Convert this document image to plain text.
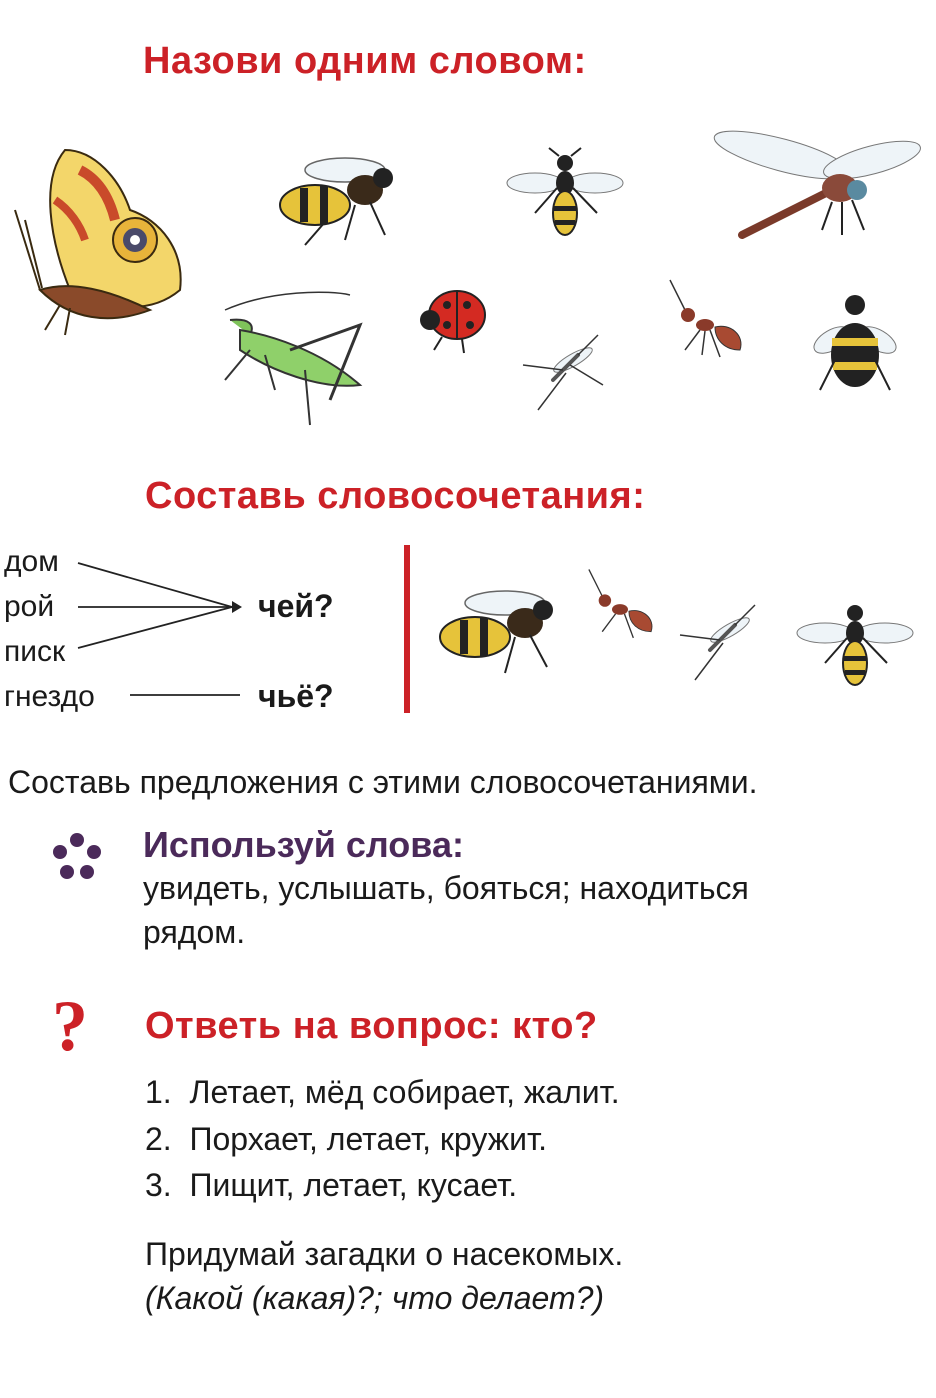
Назови одним словом:
Составь словосочетания:
дом
рой
писк
гнездо
чей?
чьё?
Составь предложения с этими словосочетаниями.
Используй слова:
увидеть, услышать, бояться; находиться
рядом.
? Ответь на вопрос: кто?
1. Летает, мёд собирает, жалит.
2. Порхает, летает, кружит.
3. Пищит, летает, кусает.
Придумай загадки о насекомых.
(Какой (какая)?; что делает?)
